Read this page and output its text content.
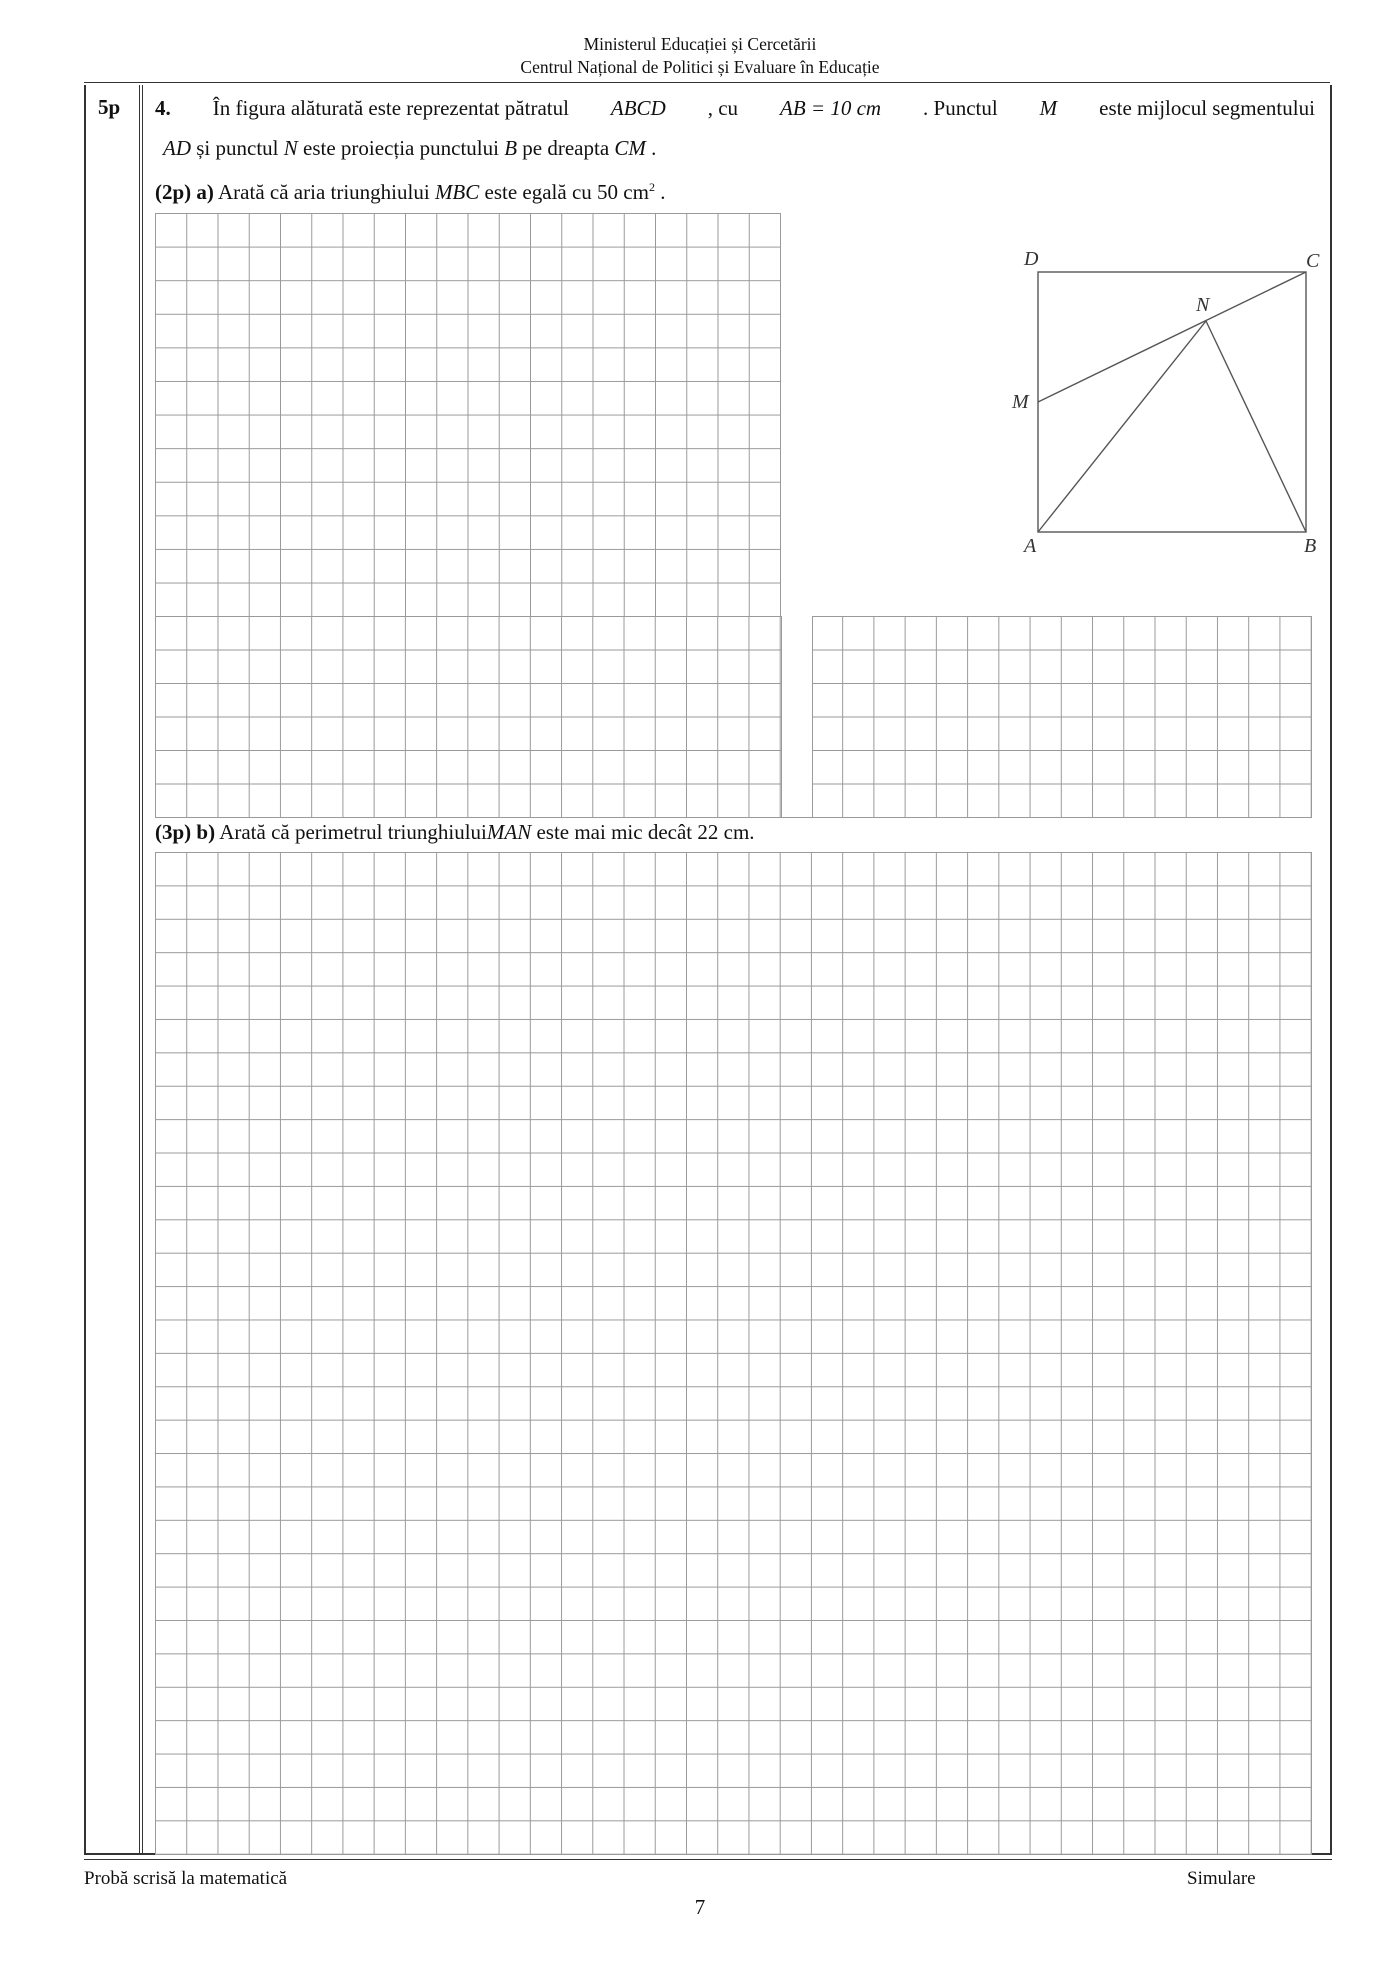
Ministerul Educației și Cercetării
Centrul Național de Politici și Evaluare în Educație
5p 4. În figura alăturată este reprezentat pătratul ABCD , cu AB = 10 cm . Punctul M este mijlocul segmentului
AD și punctul N este proiecția punctului B pe dreapta CM .
(2p) a) Arată că aria triunghiului MBC este egală cu 50 $cm^2$ .
D	C
N
M
A	B
(3p) b) Arată că perimetrul triunghiuluiMAN este mai mic decât 22 cm.
Probă scrisă la matematică	Simulare
7
